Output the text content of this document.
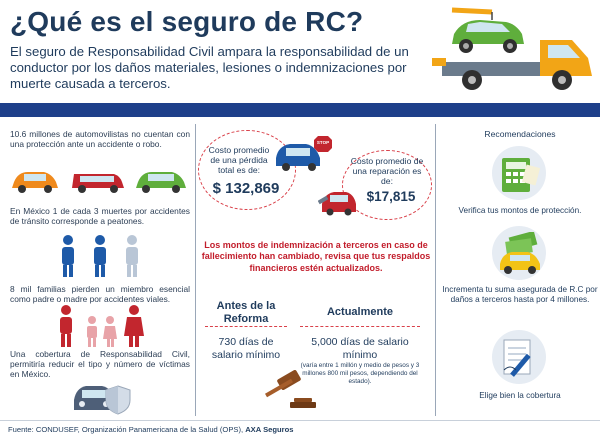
¿Qué es el seguro de RC?
El seguro de Responsabilidad Civil ampara la responsabilidad de un conductor por los daños materiales, lesiones o indemnizaciones por muerte causada a terceros.
10.6 millones de automovilistas no cuentan con una protección ante un accidente o robo.
En México 1 de cada 3 muertes por accidentes de tránsito corresponde a peatones.
8 mil familias pierden un miembro esencial como padre o madre por accidentes viales.
Una cobertura de Responsabilidad Civil, permitiría reducir el tipo y número de víctimas en México.
Costo promedio de una pérdida total es de:
$ 132,869
STOP
Costo promedio de una reparación es de:
$17,815
Los montos de indemnización a terceros en caso de fallecimiento han cambiado, revisa que tus respaldos financieros estén actualizados.
Antes de la Reforma
Actualmente
730 días de salario mínimo
5,000 días de salario mínimo
(varía entre 1 millón y medio de pesos y 3 millones 800 mil pesos, dependiendo del estado).
Recomendaciones
Verifica tus montos de protección.
Incrementa tu suma asegurada de R.C por daños a terceros hasta por 4 millones.
Elige bien la cobertura
Fuente: CONDUSEF, Organización Panamericana de la Salud (OPS), AXA Seguros
